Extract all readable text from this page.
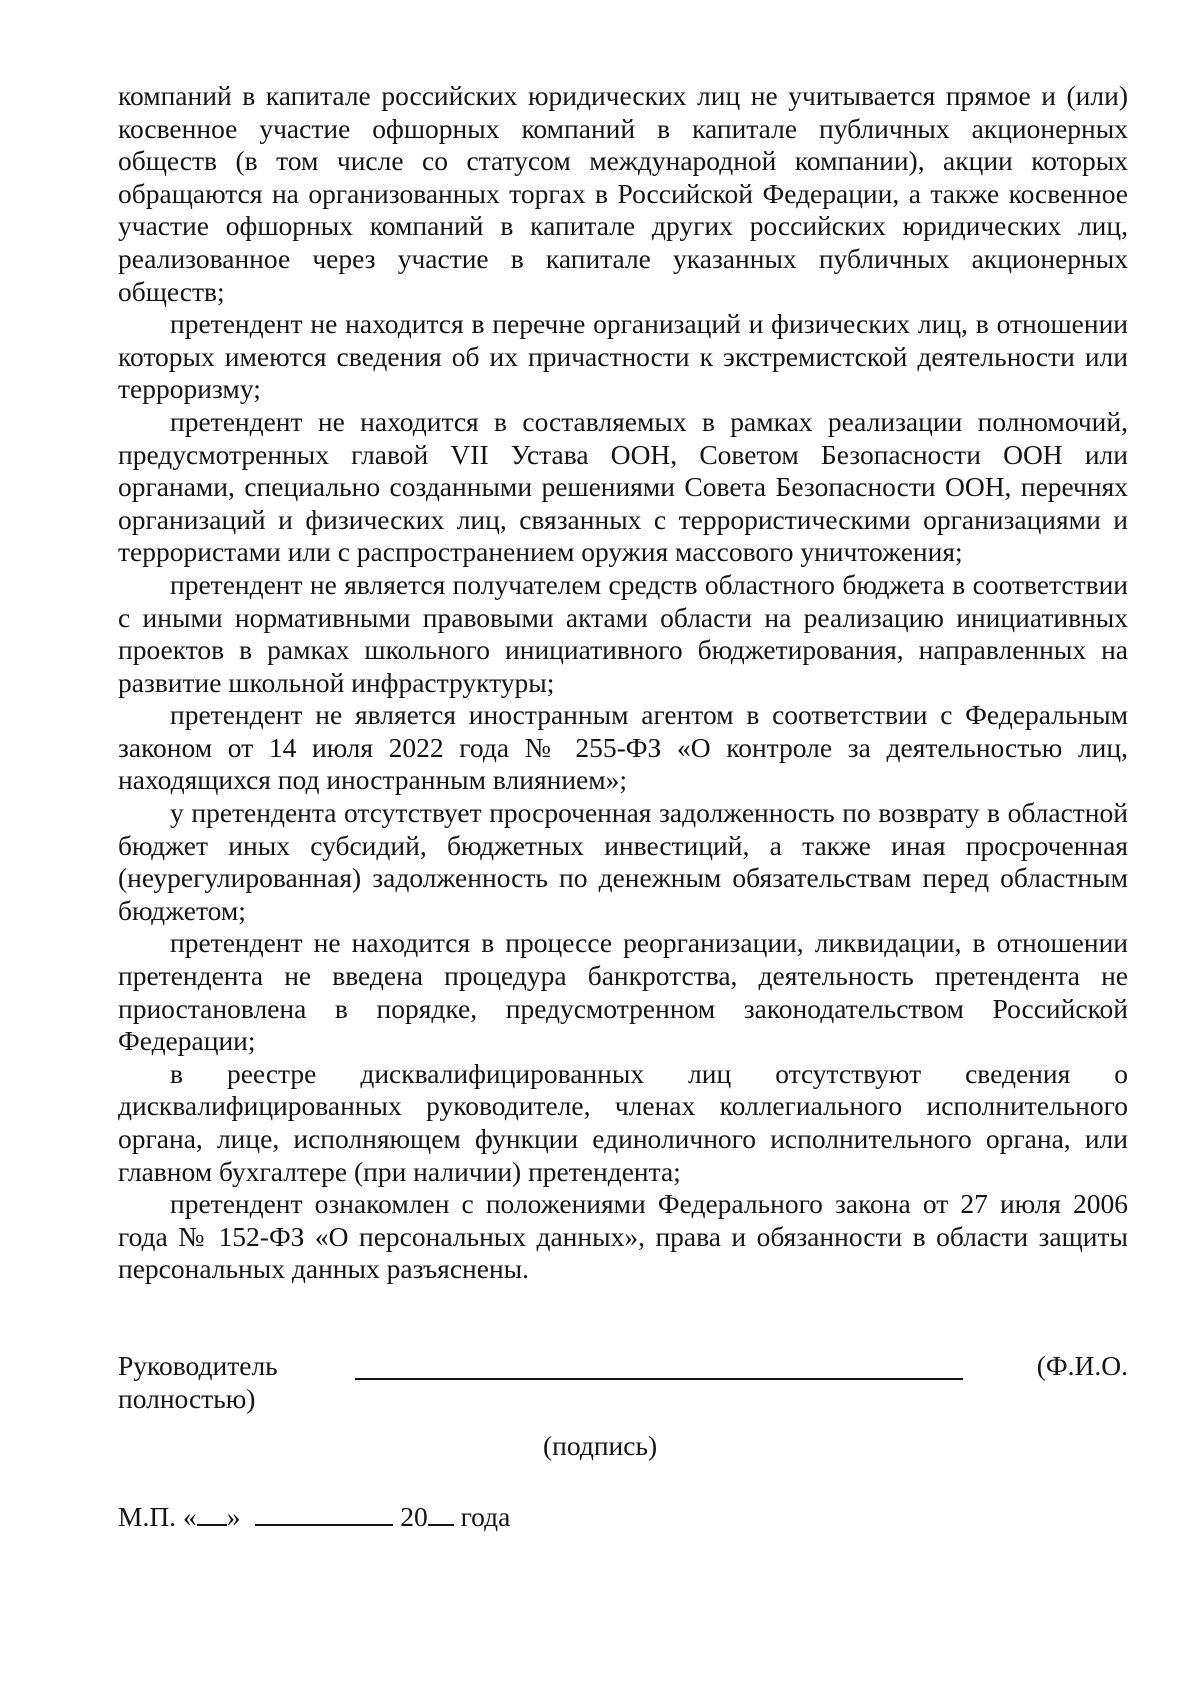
компаний в капитале российских юридических лиц не учитывается прямое и (или) косвенное участие офшорных компаний в капитале публичных акционерных обществ (в том числе со статусом международной компании), акции которых обращаются на организованных торгах в Российской Федерации, а также косвенное участие офшорных компаний в капитале других российских юридических лиц, реализованное через участие в капитале указанных публичных акционерных обществ;

претендент не находится в перечне организаций и физических лиц, в отношении которых имеются сведения об их причастности к экстремистской деятельности или терроризму;

претендент не находится в составляемых в рамках реализации полномочий, предусмотренных главой VII Устава ООН, Советом Безопасности ООН или органами, специально созданными решениями Совета Безопасности ООН, перечнях организаций и физических лиц, связанных с террористическими организациями и террористами или с распространением оружия массового уничтожения;

претендент не является получателем средств областного бюджета в соответствии с иными нормативными правовыми актами области на реализацию инициативных проектов в рамках школьного инициативного бюджетирования, направленных на развитие школьной инфраструктуры;

претендент не является иностранным агентом в соответствии с Федеральным законом от 14 июля 2022 года № 255-ФЗ «О контроле за деятельностью лиц, находящихся под иностранным влиянием»;

у претендента отсутствует просроченная задолженность по возврату в областной бюджет иных субсидий, бюджетных инвестиций, а также иная просроченная (неурегулированная) задолженность по денежным обязательствам перед областным бюджетом;

претендент не находится в процессе реорганизации, ликвидации, в отношении претендента не введена процедура банкротства, деятельность претендента не приостановлена в порядке, предусмотренном законодательством Российской Федерации;

в реестре дисквалифицированных лиц отсутствуют сведения о дисквалифицированных руководителе, членах коллегиального исполнительного органа, лице, исполняющем функции единоличного исполнительного органа, или главном бухгалтере (при наличии) претендента;

претендент ознакомлен с положениями Федерального закона от 27 июля 2006 года № 152-ФЗ «О персональных данных», права и обязанности в области защиты персональных данных разъяснены.

Руководитель	(Ф.И.О.
полностью)
(подпись)
М.П. « »	20 года
